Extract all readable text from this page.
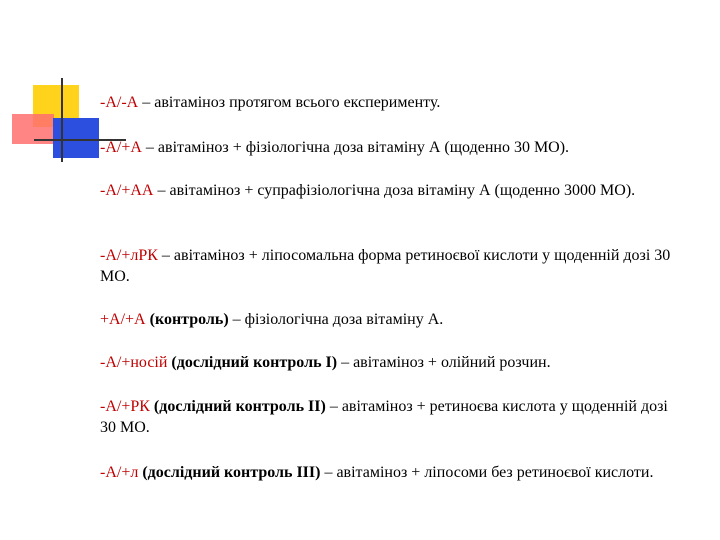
-А/-А – авітаміноз протягом всього експерименту.
-А/+А – авітаміноз + фізіологічна доза вітаміну А (щоденно 30 МО).
-А/+АА – авітаміноз + супрафізіологічна доза вітаміну А (щоденно 3000 МО).
-А/+лРК – авітаміноз + ліпосомальна форма ретиноєвої кислоти у щоденній дозі 30 МО.
+А/+А (контроль) – фізіологічна доза вітаміну А.
-А/+носій (дослідний контроль І) – авітаміноз + олійний розчин.
-А/+РК (дослідний контроль ІІ) – авітаміноз + ретиноєва кислота у щоденній дозі 30 МО.
-А/+л (дослідний контроль ІІІ) – авітаміноз + ліпосоми без ретиноєвої кислоти.
